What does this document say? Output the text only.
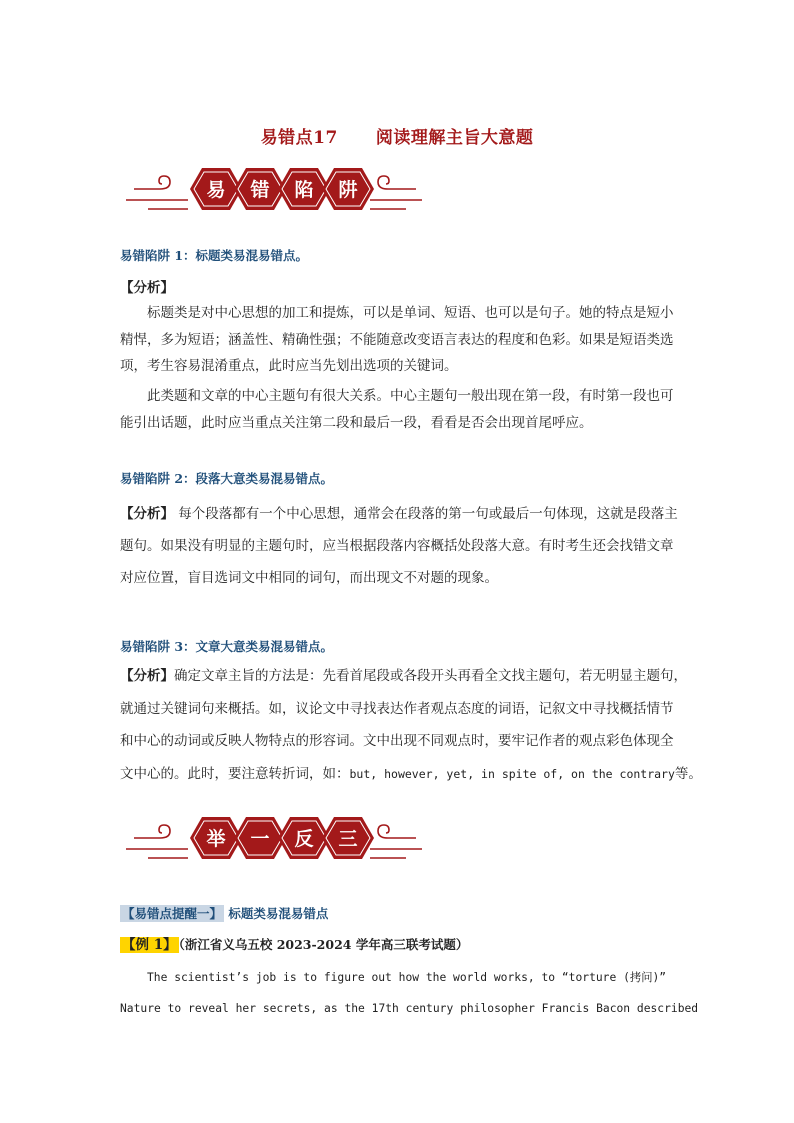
易错点17 阅读理解主旨大意题
易 错 陷 阱
易错陷阱 1：标题类易混易错点。
【分析】
标题类是对中心思想的加工和提炼，可以是单词、短语、也可以是句子。她的特点是短小
精悍，多为短语；涵盖性、精确性强；不能随意改变语言表达的程度和色彩。如果是短语类选
项，考生容易混淆重点，此时应当先划出选项的关键词。
此类题和文章的中心主题句有很大关系。中心主题句一般出现在第一段，有时第一段也可
能引出话题，此时应当重点关注第二段和最后一段，看看是否会出现首尾呼应。
易错陷阱 2：段落大意类易混易错点。
【分析】 每个段落都有一个中心思想，通常会在段落的第一句或最后一句体现，这就是段落主
题句。如果没有明显的主题句时，应当根据段落内容概括处段落大意。有时考生还会找错文章
对应位置，盲目选词文中相同的词句，而出现文不对题的现象。
易错陷阱 3：文章大意类易混易错点。
【分析】确定文章主旨的方法是：先看首尾段或各段开头再看全文找主题句，若无明显主题句，
就通过关键词句来概括。如，议论文中寻找表达作者观点态度的词语，记叙文中寻找概括情节
和中心的动词或反映人物特点的形容词。文中出现不同观点时，要牢记作者的观点彩色体现全
文中心的。此时，要注意转折词，如：but, however, yet, in spite of, on the contrary等。
举 一 反 三
【易错点提醒一】 标题类易混易错点
【例 1】 （浙江省义乌五校 2023-2024 学年高三联考试题）
The scientist’s job is to figure out how the world works, to “torture (拷问)”
Nature to reveal her secrets, as the 17th century philosopher Francis Bacon described
